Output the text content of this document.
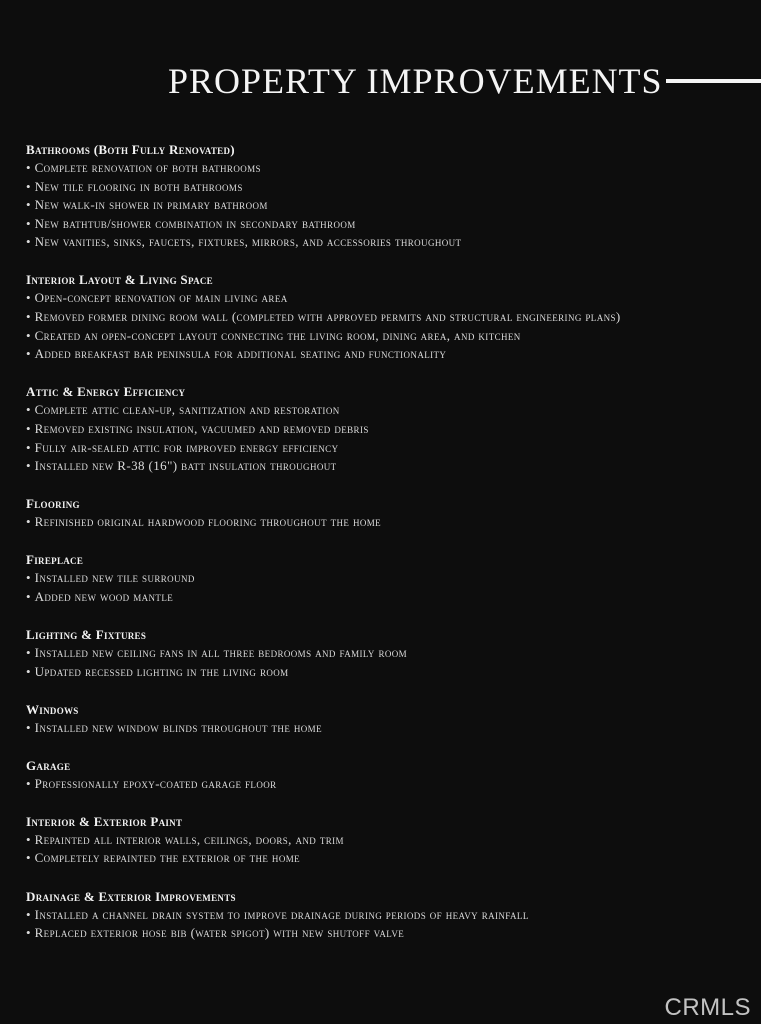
PROPERTY IMPROVEMENTS
Bathrooms (Both Fully Renovated)
• Complete renovation of both bathrooms
• New tile flooring in both bathrooms
• New walk-in shower in primary bathroom
• New bathtub/shower combination in secondary bathroom
• New vanities, sinks, faucets, fixtures, mirrors, and accessories throughout
Interior Layout & Living Space
• Open-concept renovation of main living area
• Removed former dining room wall (completed with approved permits and structural engineering plans)
• Created an open-concept layout connecting the living room, dining area, and kitchen
• Added breakfast bar peninsula for additional seating and functionality
Attic & Energy Efficiency
• Complete attic clean-up, sanitization and restoration
• Removed existing insulation, vacuumed and removed debris
• Fully air-sealed attic for improved energy efficiency
• Installed new R-38 (16") batt insulation throughout
Flooring
• Refinished original hardwood flooring throughout the home
Fireplace
• Installed new tile surround
• Added new wood mantle
Lighting & Fixtures
• Installed new ceiling fans in all three bedrooms and family room
• Updated recessed lighting in the living room
Windows
• Installed new window blinds throughout the home
Garage
• Professionally epoxy-coated garage floor
Interior & Exterior Paint
• Repainted all interior walls, ceilings, doors, and trim
• Completely repainted the exterior of the home
Drainage & Exterior Improvements
• Installed a channel drain system to improve drainage during periods of heavy rainfall
• Replaced exterior hose bib (water spigot) with new shutoff valve
CRMLS
